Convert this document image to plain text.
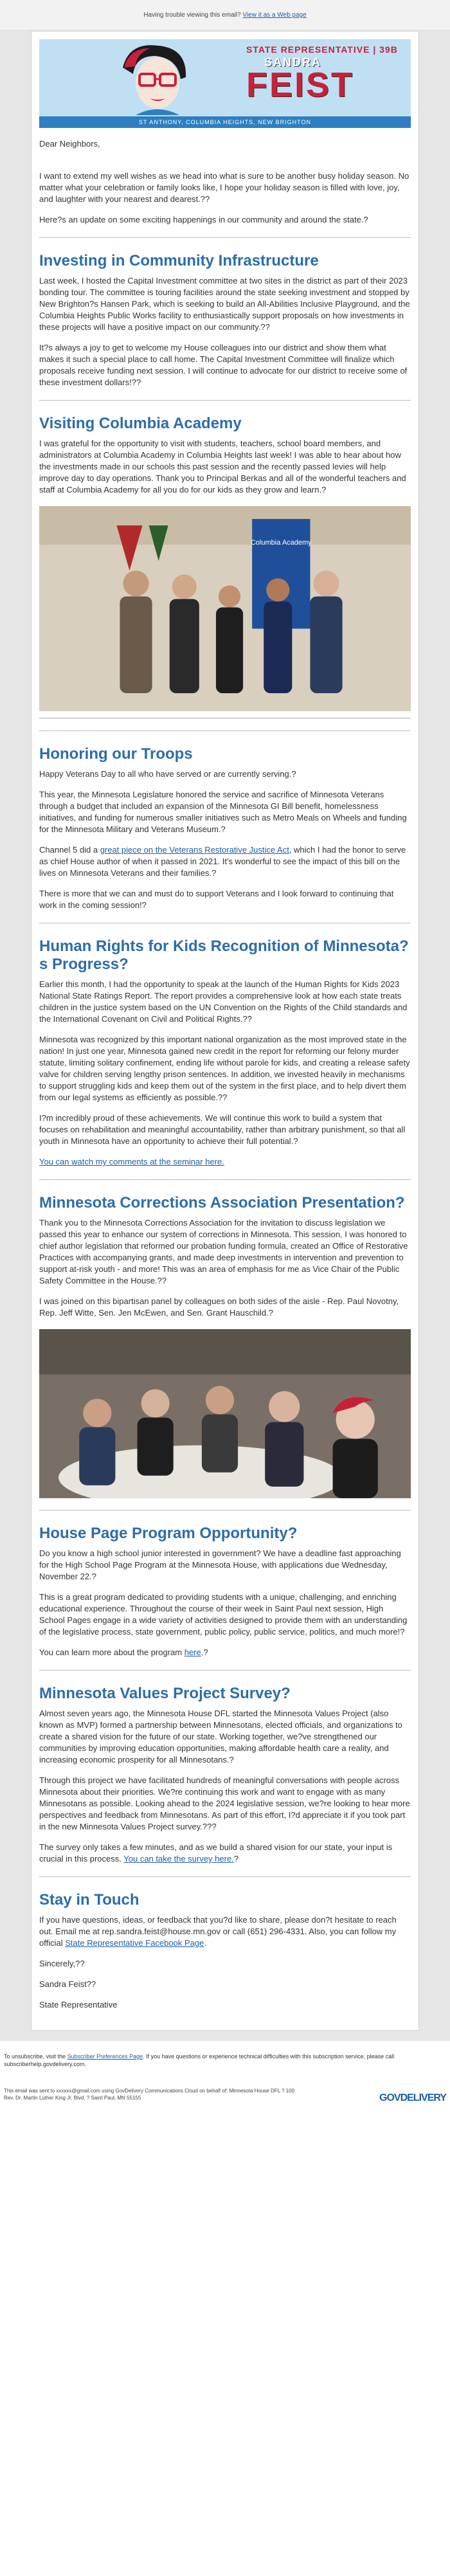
Having trouble viewing this email? View it as a Web page
STATE REPRESENTATIVE | 39B
SANDRA
FEIST
ST ANTHONY, COLUMBIA HEIGHTS, NEW BRIGHTON
Dear Neighbors,

I want to extend my well wishes as we head into what is sure to be another busy holiday season. No matter what your celebration or family looks like, I hope your holiday season is filled with love, joy, and laughter with your nearest and dearest.??

Here?s an update on some exciting happenings in our community and around the state.?

Investing in Community Infrastructure

Last week, I hosted the Capital Investment committee at two sites in the district as part of their 2023 bonding tour. The committee is touring facilities around the state seeking investment and stopped by New Brighton?s Hansen Park, which is seeking to build an All-Abilities Inclusive Playground, and the Columbia Heights Public Works facility to enthusiastically support proposals on how investments in these projects will have a positive impact on our community.??

It?s always a joy to get to welcome my House colleagues into our district and show them what makes it such a special place to call home. The Capital Investment Committee will finalize which proposals receive funding next session. I will continue to advocate for our district to receive some of these investment dollars!??

Visiting Columbia Academy

I was grateful for the opportunity to visit with students, teachers, school board members, and administrators at Columbia Academy in Columbia Heights last week! I was able to hear about how the investments made in our schools this past session and the recently passed levies will help improve day to day operations. Thank you to Principal Berkas and all of the wonderful teachers and staff at Columbia Academy for all you do for our kids as they grow and learn.?

Columbia Academy
Honoring our Troops

Happy Veterans Day to all who have served or are currently serving.?

This year, the Minnesota Legislature honored the service and sacrifice of Minnesota Veterans through a budget that included an expansion of the Minnesota GI Bill benefit, homelessness initiatives, and funding for numerous smaller initiatives such as Metro Meals on Wheels and funding for the Minnesota Military and Veterans Museum.?

Channel 5 did a great piece on the Veterans Restorative Justice Act, which I had the honor to serve as chief House author of when it passed in 2021. It's wonderful to see the impact of this bill on the lives on Minnesota Veterans and their families.?

There is more that we can and must do to support Veterans and I look forward to continuing that work in the coming session!?

Human Rights for Kids Recognition of Minnesota?s Progress?

Earlier this month, I had the opportunity to speak at the launch of the Human Rights for Kids 2023 National State Ratings Report. The report provides a comprehensive look at how each state treats children in the justice system based on the UN Convention on the Rights of the Child standards and the International Covenant on Civil and Political Rights.??

Minnesota was recognized by this important national organization as the most improved state in the nation! In just one year, Minnesota gained new credit in the report for reforming our felony murder statute, limiting solitary confinement, ending life without parole for kids, and creating a release safety valve for children serving lengthy prison sentences. In addition, we invested heavily in mechanisms to support struggling kids and keep them out of the system in the first place, and to help divert them from our legal systems as efficiently as possible.??

I?m incredibly proud of these achievements. We will continue this work to build a system that focuses on rehabilitation and meaningful accountability, rather than arbitrary punishment, so that all youth in Minnesota have an opportunity to achieve their full potential.?

You can watch my comments at the seminar here.

Minnesota Corrections Association Presentation?

Thank you to the Minnesota Corrections Association for the invitation to discuss legislation we passed this year to enhance our system of corrections in Minnesota. This session, I was honored to chief author legislation that reformed our probation funding formula, created an Office of Restorative Practices with accompanying grants, and made deep investments in intervention and prevention to support at-risk youth - and more! This was an area of emphasis for me as Vice Chair of the Public Safety Committee in the House.??

I was joined on this bipartisan panel by colleagues on both sides of the aisle - Rep. Paul Novotny, Rep. Jeff Witte, Sen. Jen McEwen, and Sen. Grant Hauschild.?

House Page Program Opportunity?

Do you know a high school junior interested in government? We have a deadline fast approaching for the High School Page Program at the Minnesota House, with applications due Wednesday, November 22.?

This is a great program dedicated to providing students with a unique, challenging, and enriching educational experience. Throughout the course of their week in Saint Paul next session, High School Pages engage in a wide variety of activities designed to provide them with an understanding of the legislative process, state government, public policy, public service, politics, and much more!?

You can learn more about the program here.?

Minnesota Values Project Survey?

Almost seven years ago, the Minnesota House DFL started the Minnesota Values Project (also known as MVP) formed a partnership between Minnesotans, elected officials, and organizations to create a shared vision for the future of our state. Working together, we?ve strengthened our communities by improving education opportunities, making affordable health care a reality, and increasing economic prosperity for all Minnesotans.?

Through this project we have facilitated hundreds of meaningful conversations with people across Minnesota about their priorities. We?re continuing this work and want to engage with as many Minnesotans as possible. Looking ahead to the 2024 legislative session, we?re looking to hear more perspectives and feedback from Minnesotans. As part of this effort, I?d appreciate it if you took part in the new Minnesota Values Project survey.???

The survey only takes a few minutes, and as we build a shared vision for our state, your input is crucial in this process. You can take the survey here.?

Stay in Touch

If you have questions, ideas, or feedback that you?d like to share, please don?t hesitate to reach out. Email me at rep.sandra.feist@house.mn.gov or call (651) 296-4331. Also, you can follow my official State Representative Facebook Page.

Sincerely,??
Sandra Feist??
State Representative
To unsubscribe, visit the Subscriber Preferences Page. If you have questions or experience technical difficulties with this subscription service, please call subscriberhelp.govdelivery.com.
This email was sent to xxxxxx@gmail.com using GovDelivery Communications Cloud on behalf of: Minnesota House DFL ? 100 Rev. Dr. Martin Luther King Jr. Blvd. ? Saint Paul, MN 55155	GOVDELIVERY
